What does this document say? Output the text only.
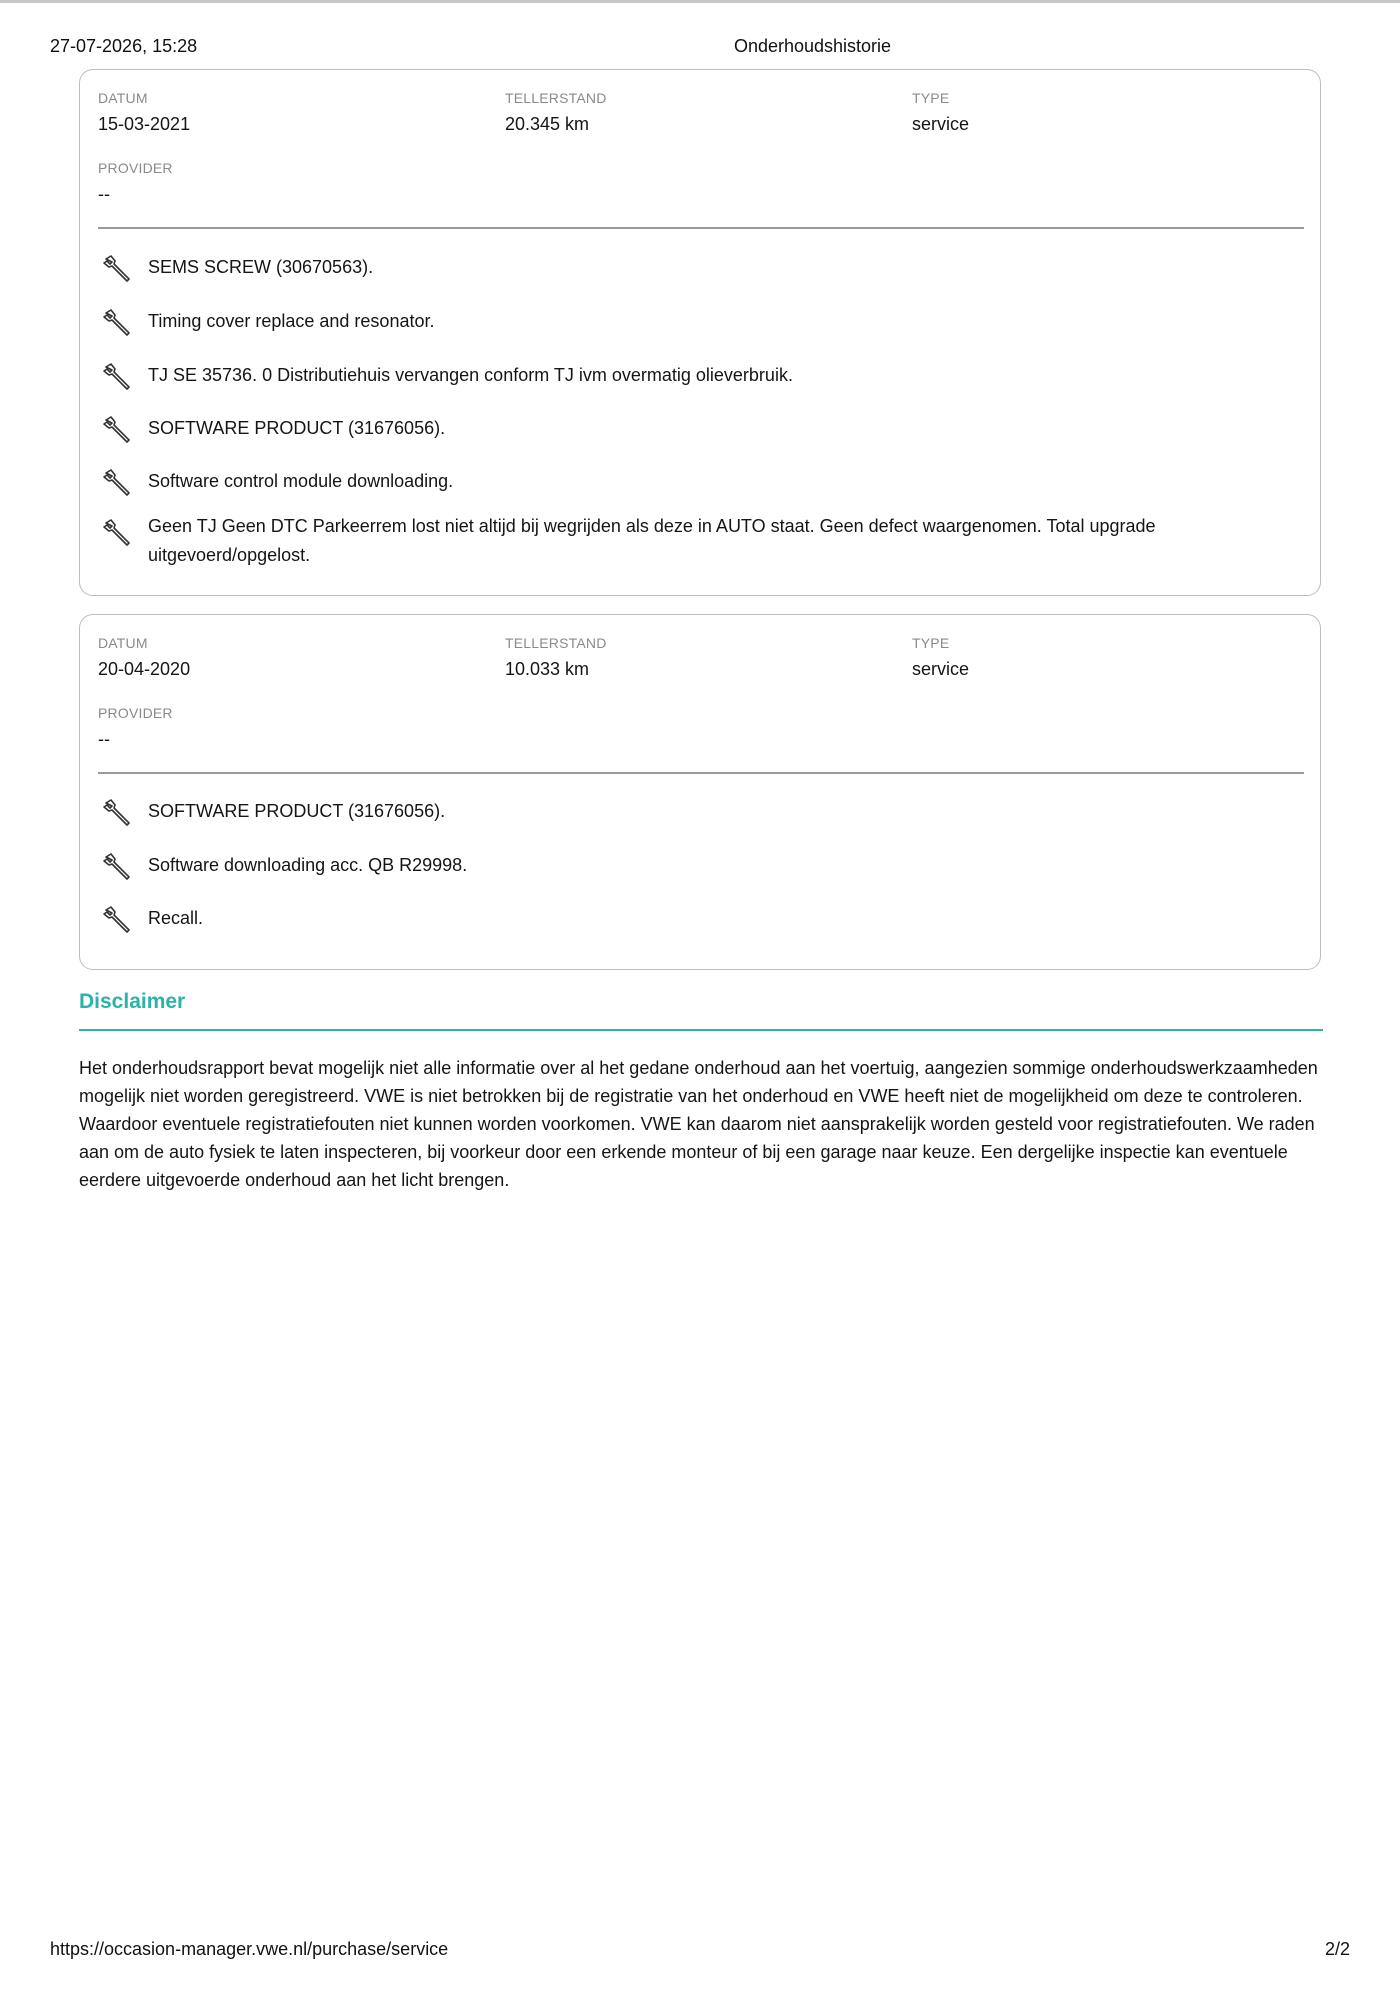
27-07-2026, 15:28	Onderhoudshistorie
DATUM
15-03-2021
TELLERSTAND
20.345 km
TYPE
service
PROVIDER
--
SEMS SCREW (30670563).
Timing cover replace and resonator.
TJ SE 35736. 0 Distributiehuis vervangen conform TJ ivm overmatig olieverbruik.
SOFTWARE PRODUCT (31676056).
Software control module downloading.
Geen TJ Geen DTC Parkeerrem lost niet altijd bij wegrijden als deze in AUTO staat. Geen defect waargenomen. Total upgrade uitgevoerd/opgelost.
DATUM
20-04-2020
TELLERSTAND
10.033 km
TYPE
service
PROVIDER
--
SOFTWARE PRODUCT (31676056).
Software downloading acc. QB R29998.
Recall.
Disclaimer
Het onderhoudsrapport bevat mogelijk niet alle informatie over al het gedane onderhoud aan het voertuig, aangezien sommige onderhoudswerkzaamheden mogelijk niet worden geregistreerd. VWE is niet betrokken bij de registratie van het onderhoud en VWE heeft niet de mogelijkheid om deze te controleren. Waardoor eventuele registratiefouten niet kunnen worden voorkomen. VWE kan daarom niet aansprakelijk worden gesteld voor registratiefouten. We raden aan om de auto fysiek te laten inspecteren, bij voorkeur door een erkende monteur of bij een garage naar keuze. Een dergelijke inspectie kan eventuele eerdere uitgevoerde onderhoud aan het licht brengen.
https://occasion-manager.vwe.nl/purchase/service	2/2
